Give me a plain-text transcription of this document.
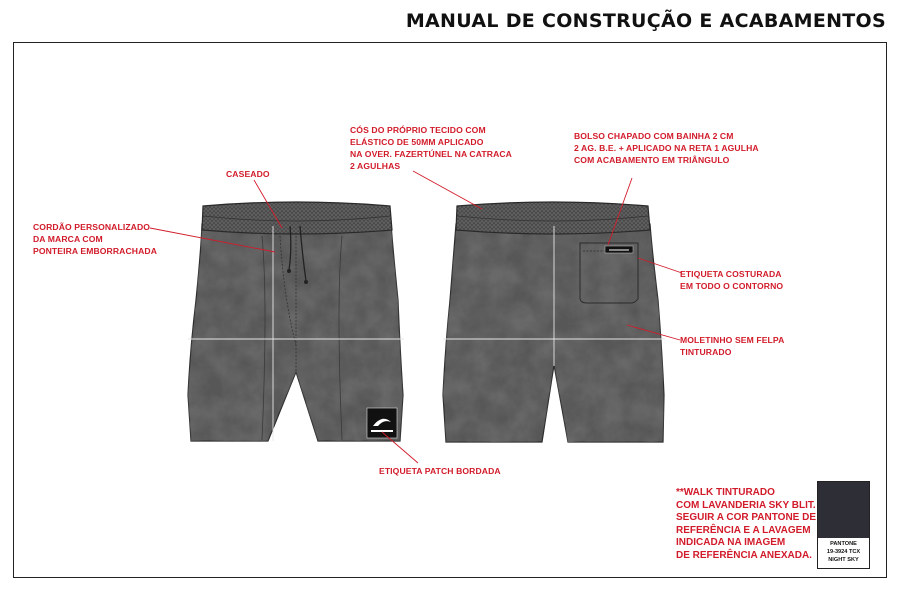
MANUAL DE CONSTRUÇÃO E ACABAMENTOS

CÓS DO PRÓPRIO TECIDO COM
ELÁSTICO DE 50MM APLICADO
NA OVER. FAZERTÚNEL NA CATRACA
2 AGULHAS

BOLSO CHAPADO COM BAINHA 2 CM
2 AG. B.E. + APLICADO NA RETA 1 AGULHA
COM ACABAMENTO EM TRIÂNGULO

CASEADO

CORDÃO PERSONALIZADO
DA MARCA COM
PONTEIRA EMBORRACHADA

ETIQUETA COSTURADA
EM TODO O CONTORNO

MOLETINHO SEM FELPA
TINTURADO

ETIQUETA PATCH BORDADA

**WALK TINTURADO
COM LAVANDERIA SKY BLIT.
SEGUIR A COR PANTONE DE
REFERÊNCIA E A LAVAGEM
INDICADA NA IMAGEM
DE REFERÊNCIA ANEXADA.

PANTONE
19-3924 TCX
NIGHT SKY
